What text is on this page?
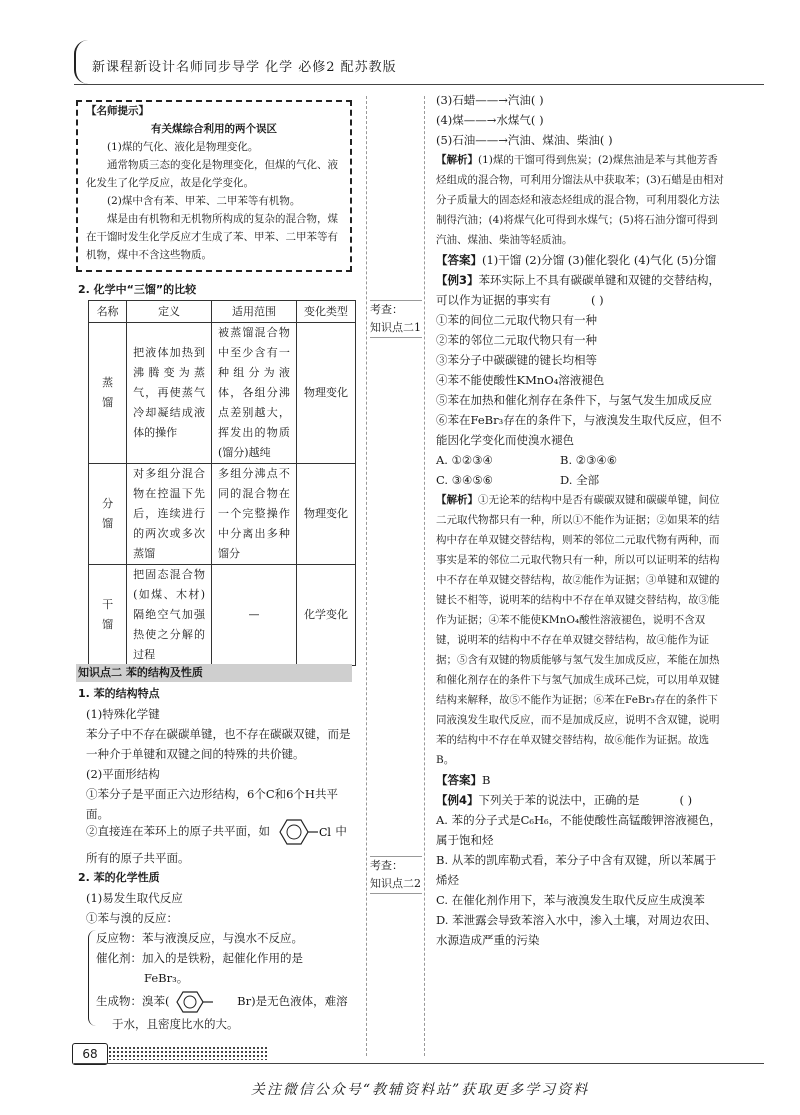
新课程新设计名师同步导学 化学 必修2 配苏教版
【名师提示】
有关煤综合利用的两个误区

(1)煤的气化、液化是物理变化。

通常物质三态的变化是物理变化，但煤的气化、液化发生了化学反应，故是化学变化。

(2)煤中含有苯、甲苯、二甲苯等有机物。

煤是由有机物和无机物所构成的复杂的混合物，煤在干馏时发生化学反应才生成了苯、甲苯、二甲苯等有机物，煤中不含这些物质。

2. 化学中“三馏”的比较
名称	定义	适用范围	变化类型
蒸馏	把液体加热到沸腾变为蒸气，再使蒸气冷却凝结成液体的操作	被蒸馏混合物中至少含有一种组分为液体，各组分沸点差别越大，挥发出的物质(馏分)越纯	物理变化
分馏	对多组分混合物在控温下先后，连续进行的两次或多次蒸馏	多组分沸点不同的混合物在一个完整操作中分离出多种馏分	物理变化
干馏	把固态混合物(如煤、木材)隔绝空气加强热使之分解的过程	—	化学变化
知识点二 苯的结构及性质

1. 苯的结构特点

(1)特殊化学键

苯分子中不存在碳碳单键，也不存在碳碳双键，而是一种介于单键和双键之间的特殊的共价键。

(2)平面形结构

①苯分子是平面正六边形结构，6个C和6个H共平面。

②直接连在苯环上的原子共平面，如	Cl 中

所有的原子共平面。

2. 苯的化学性质

(1)易发生取代反应

①苯与溴的反应：

反应物：苯与液溴反应，与溴水不反应。

催化剂：加入的是铁粉，起催化作用的是

FeBr₃。

生成物：溴苯(	Br)是无色液体，难溶

于水，且密度比水的大。

考查：
知识点二1
考查：
知识点二2

(3)石蜡——→汽油( )

(4)煤——→水煤气( )

(5)石油——→汽油、煤油、柴油( )

【解析】(1)煤的干馏可得到焦炭；(2)煤焦油是苯与其他芳香烃组成的混合物，可利用分馏法从中获取苯；(3)石蜡是由相对分子质量大的固态烃和液态烃组成的混合物，可利用裂化方法制得汽油；(4)将煤气化可得到水煤气；(5)将石油分馏可得到汽油、煤油、柴油等轻质油。

【答案】(1)干馏 (2)分馏 (3)催化裂化 (4)气化 (5)分馏

【例3】苯环实际上不具有碳碳单键和双键的交替结构，可以作为证据的事实有	( )

①苯的间位二元取代物只有一种

②苯的邻位二元取代物只有一种

③苯分子中碳碳键的键长均相等

④苯不能使酸性KMnO₄溶液褪色

⑤苯在加热和催化剂存在条件下，与氢气发生加成反应

⑥苯在FeBr₃存在的条件下，与液溴发生取代反应，但不能因化学变化而使溴水褪色

A. ①②③④	B. ②③④⑥

C. ③④⑤⑥	D. 全部

【解析】①无论苯的结构中是否有碳碳双键和碳碳单键，间位二元取代物都只有一种，所以①不能作为证据；②如果苯的结构中存在单双键交替结构，则苯的邻位二元取代物有两种，而事实是苯的邻位二元取代物只有一种，所以可以证明苯的结构中不存在单双键交替结构，故②能作为证据；③单键和双键的键长不相等，说明苯的结构中不存在单双键交替结构，故③能作为证据；④苯不能使KMnO₄酸性溶液褪色，说明不含双键，说明苯的结构中不存在单双键交替结构，故④能作为证据；⑤含有双键的物质能够与氢气发生加成反应，苯能在加热和催化剂存在的条件下与氢气加成生成环己烷，可以用单双键结构来解释，故⑤不能作为证据；⑥苯在FeBr₃存在的条件下同液溴发生取代反应，而不是加成反应，说明不含双键，说明苯的结构中不存在单双键交替结构，故⑥能作为证据。故选B。

【答案】B

【例4】下列关于苯的说法中，正确的是	( )

A. 苯的分子式是C₆H₆，不能使酸性高锰酸钾溶液褪色，属于饱和烃

B. 从苯的凯库勒式看，苯分子中含有双键，所以苯属于烯烃

C. 在催化剂作用下，苯与液溴发生取代反应生成溴苯

D. 苯泄露会导致苯溶入水中，渗入土壤，对周边农田、水源造成严重的污染

68
关注微信公众号“教辅资料站”获取更多学习资料
